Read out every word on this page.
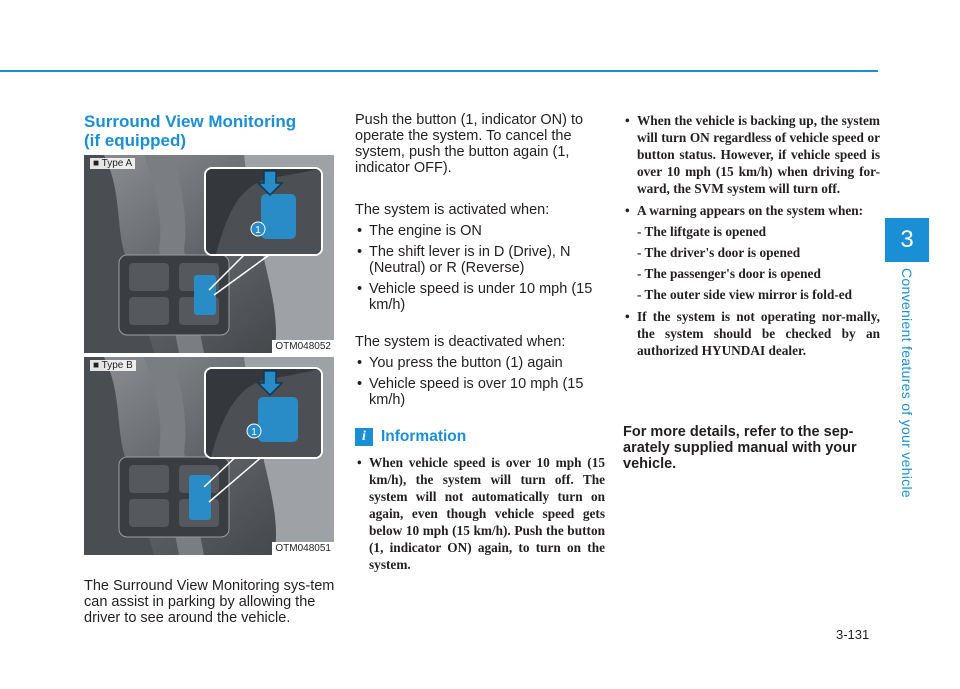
3
Convenient features of your vehicle
Surround View Monitoring
(if equipped)
1
■ Type A
OTM048052
1
■ Type B
OTM048051

The Surround View Monitoring sys-tem can assist in parking by allowing the driver to see around the vehicle.

Push the button (1, indicator ON) to operate the system. To cancel the system, push the button again (1, indicator OFF).

The system is activated when:

• The engine is ON
• The shift lever is in D (Drive), N (Neutral) or R (Reverse)
• Vehicle speed is under 10 mph (15 km/h)

The system is deactivated when:

• You press the button (1) again
• Vehicle speed is over 10 mph (15 km/h)
i Information
• When vehicle speed is over 10 mph (15 km/h), the system will turn off. The system will not automatically turn on again, even though vehicle speed gets below 10 mph (15 km/h). Push the button (1, indicator ON) again, to turn on the system.
• When the vehicle is backing up, the system will turn ON regardless of vehicle speed or button status. However, if vehicle speed is over 10 mph (15 km/h) when driving for-ward, the SVM system will turn off.
• A warning appears on the system when:
- The liftgate is opened
- The driver's door is opened
- The passenger's door is opened
- The outer side view mirror is fold-ed
• If the system is not operating nor-mally, the system should be checked by an authorized HYUNDAI dealer.

For more details, refer to the sep-arately supplied manual with your vehicle.

3-131
